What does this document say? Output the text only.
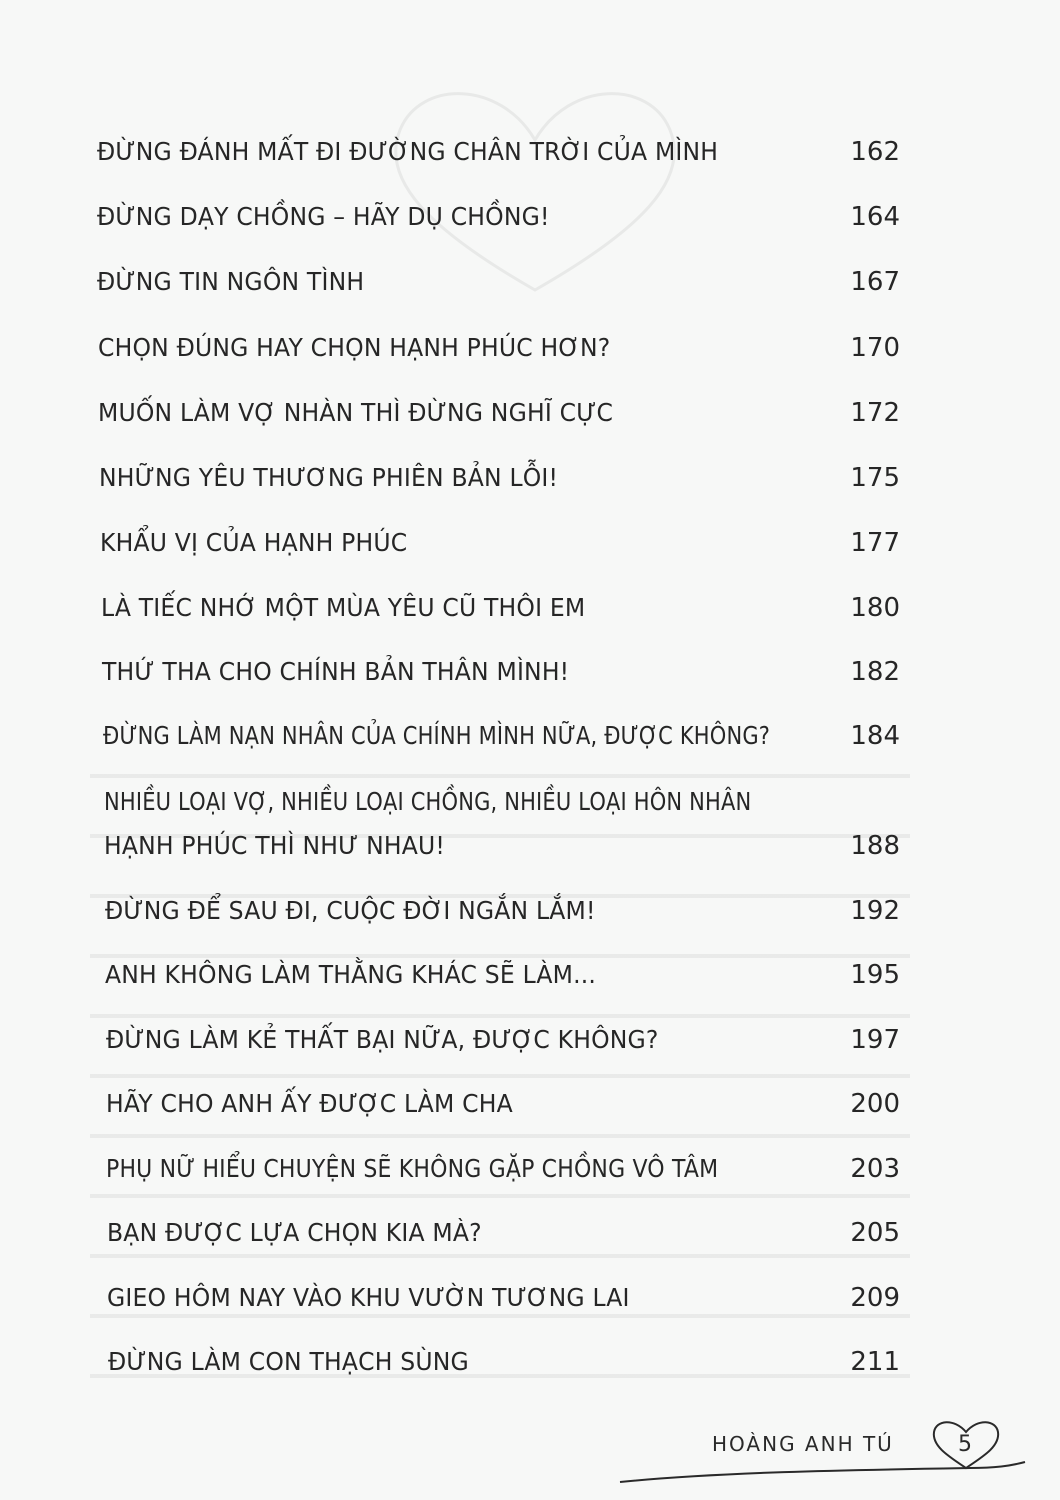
ĐỪNG ĐÁNH MẤT ĐI ĐƯỜNG CHÂN TRỜI CỦA MÌNH	162
ĐỪNG DẠY CHỒNG – HÃY DỤ CHỒNG!	164
ĐỪNG TIN NGÔN TÌNH	167
CHỌN ĐÚNG HAY CHỌN HẠNH PHÚC HƠN?	170
MUỐN LÀM VỢ NHÀN THÌ ĐỪNG NGHĨ CỰC	172
NHỮNG YÊU THƯƠNG PHIÊN BẢN LỖI!	175
KHẨU VỊ CỦA HẠNH PHÚC	177
LÀ TIẾC NHỚ MỘT MÙA YÊU CŨ THÔI EM	180
THỨ THA CHO CHÍNH BẢN THÂN MÌNH!	182
ĐỪNG LÀM NẠN NHÂN CỦA CHÍNH MÌNH NỮA, ĐƯỢC KHÔNG?	184
NHIỀU LOẠI VỢ, NHIỀU LOẠI CHỒNG, NHIỀU LOẠI HÔN NHÂN
HẠNH PHÚC THÌ NHƯ NHAU!	188
ĐỪNG ĐỂ SAU ĐI, CUỘC ĐỜI NGẮN LẮM!	192
ANH KHÔNG LÀM THẰNG KHÁC SẼ LÀM...	195
ĐỪNG LÀM KẺ THẤT BẠI NỮA, ĐƯỢC KHÔNG?	197
HÃY CHO ANH ẤY ĐƯỢC LÀM CHA	200
PHỤ NỮ HIỂU CHUYỆN SẼ KHÔNG GẶP CHỒNG VÔ TÂM	203
BẠN ĐƯỢC LỰA CHỌN KIA MÀ?	205
GIEO HÔM NAY VÀO KHU VƯỜN TƯƠNG LAI	209
ĐỪNG LÀM CON THẠCH SÙNG	211
HOÀNG ANH TÚ	5
